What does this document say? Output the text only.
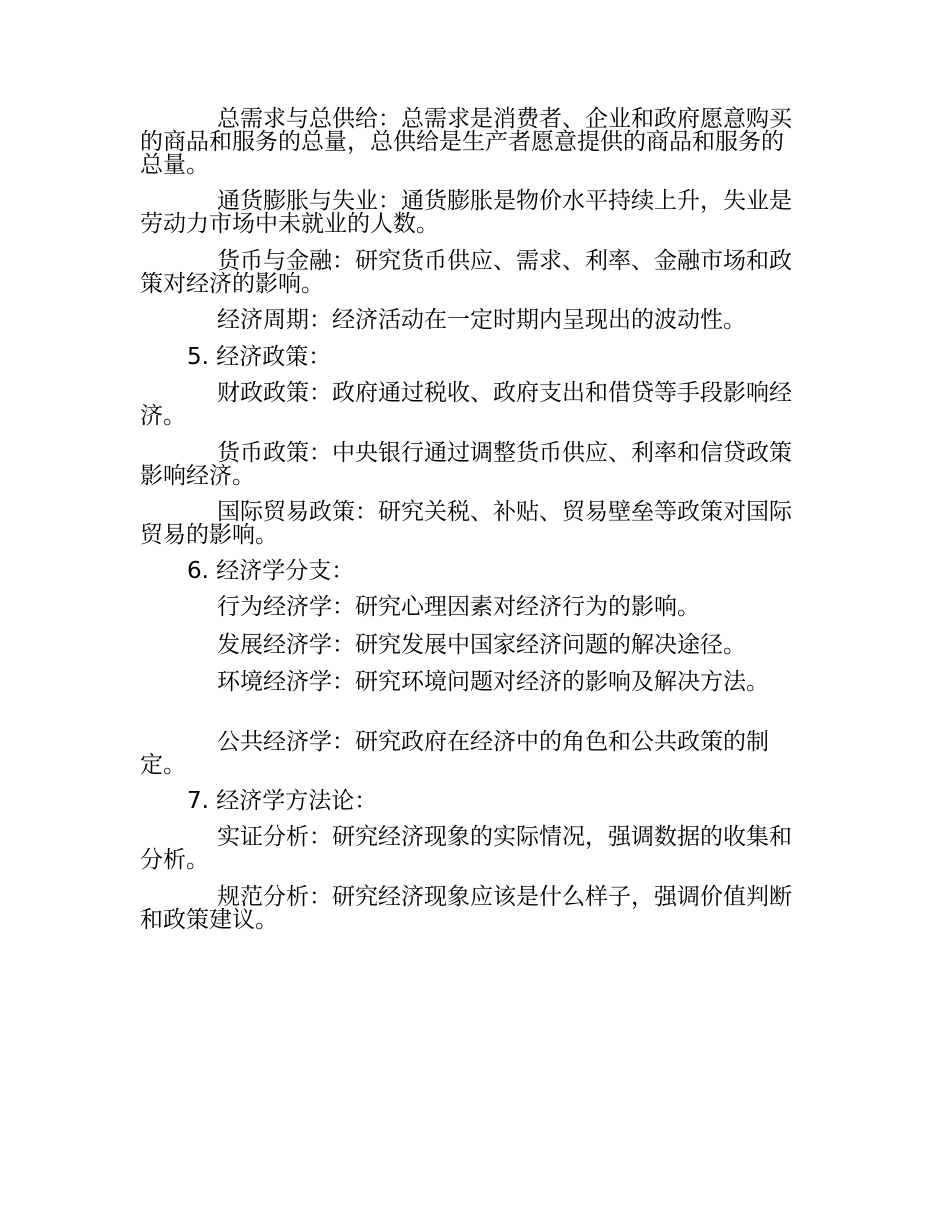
总需求与总供给：总需求是消费者、企业和政府愿意购买的商品和服务的总量，总供给是生产者愿意提供的商品和服务的总量。

通货膨胀与失业：通货膨胀是物价水平持续上升，失业是劳动力市场中未就业的人数。

货币与金融：研究货币供应、需求、利率、金融市场和政策对经济的影响。

经济周期：经济活动在一定时期内呈现出的波动性。

5. 经济政策：

财政政策：政府通过税收、政府支出和借贷等手段影响经济。

货币政策：中央银行通过调整货币供应、利率和信贷政策影响经济。

国际贸易政策：研究关税、补贴、贸易壁垒等政策对国际贸易的影响。

6. 经济学分支：

行为经济学：研究心理因素对经济行为的影响。

发展经济学：研究发展中国家经济问题的解决途径。

环境经济学：研究环境问题对经济的影响及解决方法。

公共经济学：研究政府在经济中的角色和公共政策的制定。

7. 经济学方法论：

实证分析：研究经济现象的实际情况，强调数据的收集和分析。

规范分析：研究经济现象应该是什么样子，强调价值判断和政策建议。
